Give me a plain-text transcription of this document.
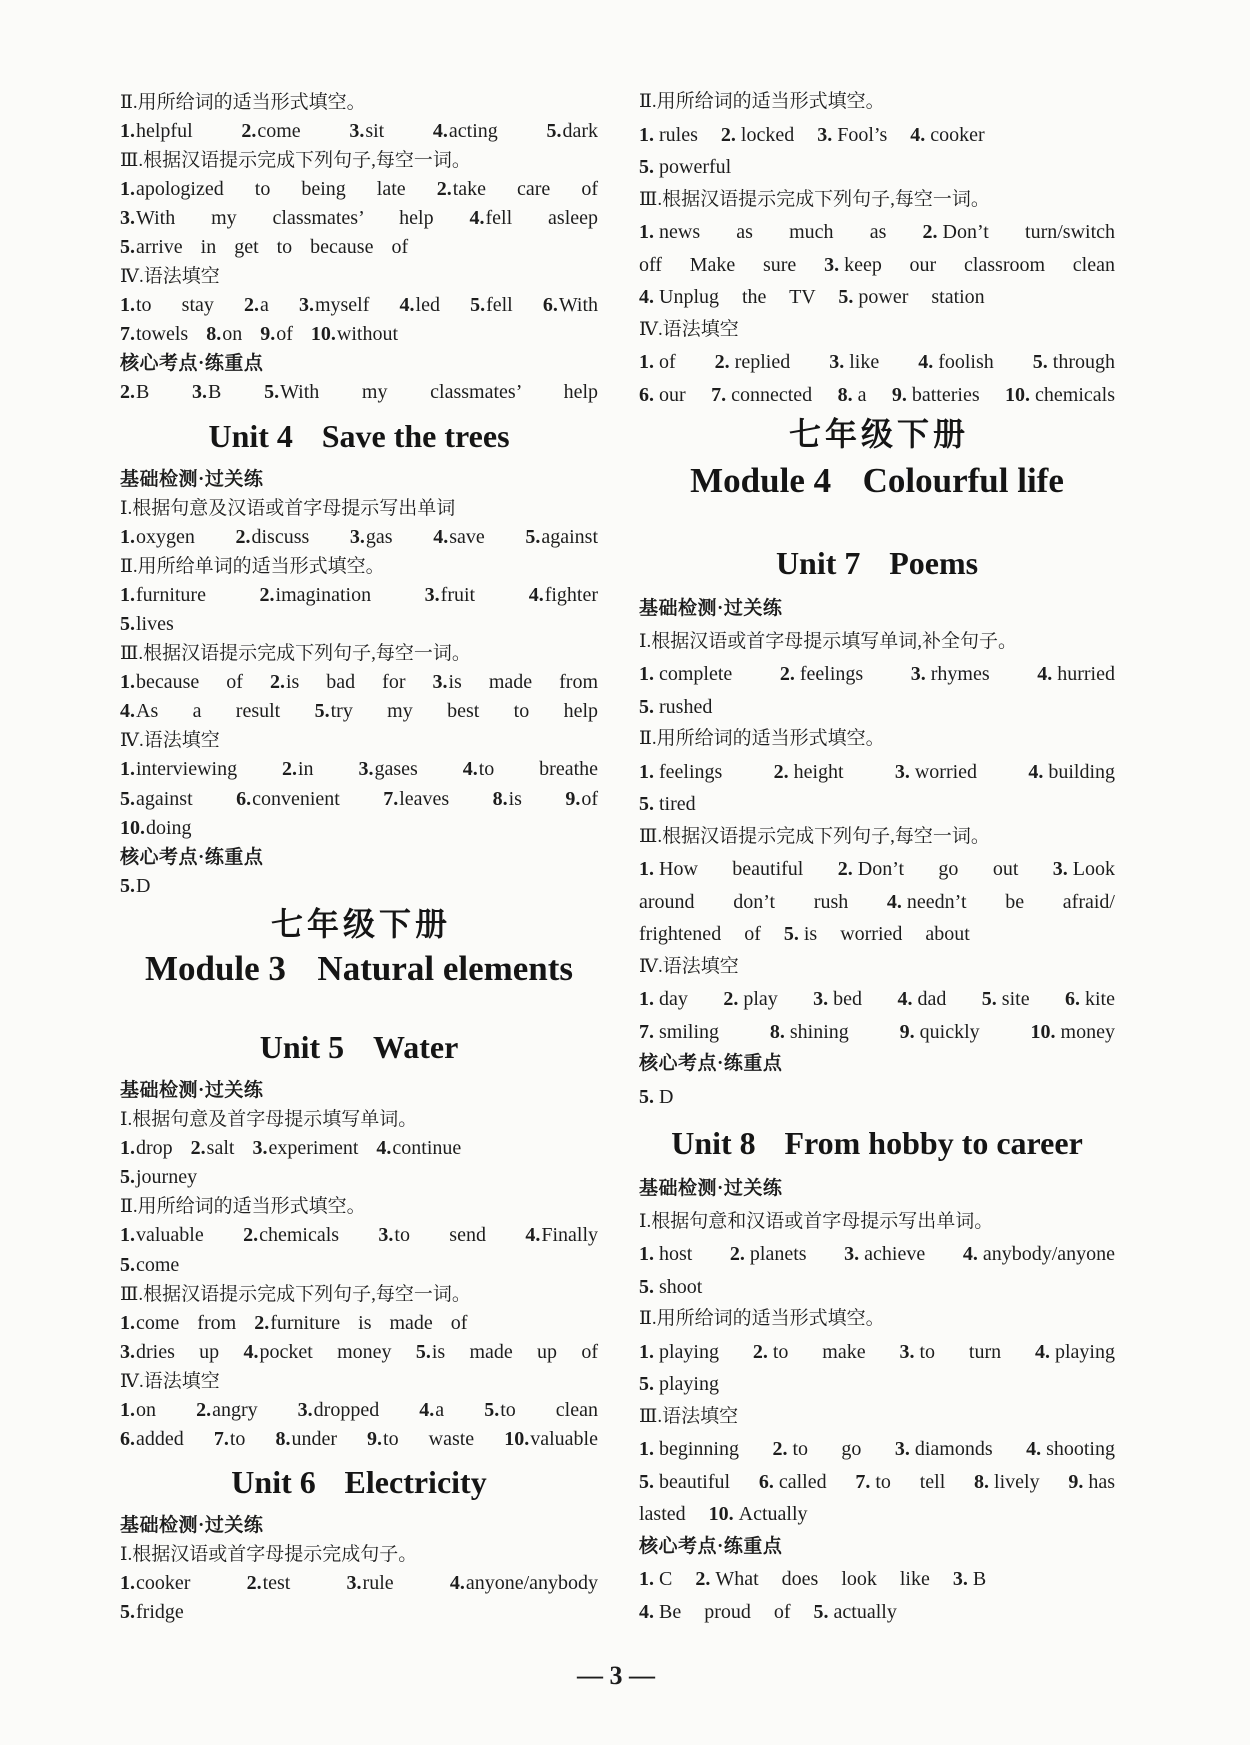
Ⅱ.用所给词的适当形式填空。
1.helpful 2.come 3.sit 4.acting 5.dark
Ⅲ.根据汉语提示完成下列句子,每空一词。
1.apologized to being late 2.take care of
3.With my classmates’ help 4.fell asleep
5.arrive in get to because of
Ⅳ.语法填空
1.to stay 2.a 3.myself 4.led 5.fell 6.With
7.towels 8.on 9.of 10.without
核心考点·练重点
2.B 3.B 5.With my classmates’ help
Unit 4 Save the trees
基础检测·过关练
Ⅰ.根据句意及汉语或首字母提示写出单词
1.oxygen 2.discuss 3.gas 4.save 5.against
Ⅱ.用所给单词的适当形式填空。
1.furniture 2.imagination 3.fruit 4.fighter
5.lives
Ⅲ.根据汉语提示完成下列句子,每空一词。
1.because of 2.is bad for 3.is made from
4.As a result 5.try my best to help
Ⅳ.语法填空
1.interviewing 2.in 3.gases 4.to breathe
5.against 6.convenient 7.leaves 8.is 9.of
10.doing
核心考点·练重点
5.D
七年级下册
Module 3 Natural elements
Unit 5 Water
基础检测·过关练
Ⅰ.根据句意及首字母提示填写单词。
1.drop 2.salt 3.experiment 4.continue
5.journey
Ⅱ.用所给词的适当形式填空。
1.valuable 2.chemicals 3.to send 4.Finally
5.come
Ⅲ.根据汉语提示完成下列句子,每空一词。
1.come from 2.furniture is made of
3.dries up 4.pocket money 5.is made up of
Ⅳ.语法填空
1.on 2.angry 3.dropped 4.a 5.to clean
6.added 7.to 8.under 9.to waste 10.valuable
Unit 6 Electricity
基础检测·过关练
Ⅰ.根据汉语或首字母提示完成句子。
1.cooker 2.test 3.rule 4.anyone/anybody
5.fridge
Ⅱ.用所给词的适当形式填空。
1. rules 2. locked 3. Fool’s 4. cooker
5. powerful
Ⅲ.根据汉语提示完成下列句子,每空一词。
1. news as much as 2. Don’t turn/switch
off Make sure 3. keep our classroom clean
4. Unplug the TV 5. power station
Ⅳ.语法填空
1. of 2. replied 3. like 4. foolish 5. through
6. our 7. connected 8. a 9. batteries 10. chemicals
七年级下册
Module 4 Colourful life
Unit 7 Poems
基础检测·过关练
Ⅰ.根据汉语或首字母提示填写单词,补全句子。
1. complete 2. feelings 3. rhymes 4. hurried
5. rushed
Ⅱ.用所给词的适当形式填空。
1. feelings 2. height 3. worried 4. building
5. tired
Ⅲ.根据汉语提示完成下列句子,每空一词。
1. How beautiful 2. Don’t go out 3. Look
around don’t rush 4. needn’t be afraid/
frightened of 5. is worried about
Ⅳ.语法填空
1. day 2. play 3. bed 4. dad 5. site 6. kite
7. smiling 8. shining 9. quickly 10. money
核心考点·练重点
5. D
Unit 8 From hobby to career
基础检测·过关练
Ⅰ.根据句意和汉语或首字母提示写出单词。
1. host 2. planets 3. achieve 4. anybody/anyone
5. shoot
Ⅱ.用所给词的适当形式填空。
1. playing 2. to make 3. to turn 4. playing
5. playing
Ⅲ.语法填空
1. beginning 2. to go 3. diamonds 4. shooting
5. beautiful 6. called 7. to tell 8. lively 9. has
lasted 10. Actually
核心考点·练重点
1. C 2. What does look like 3. B
4. Be proud of 5. actually
— 3 —
